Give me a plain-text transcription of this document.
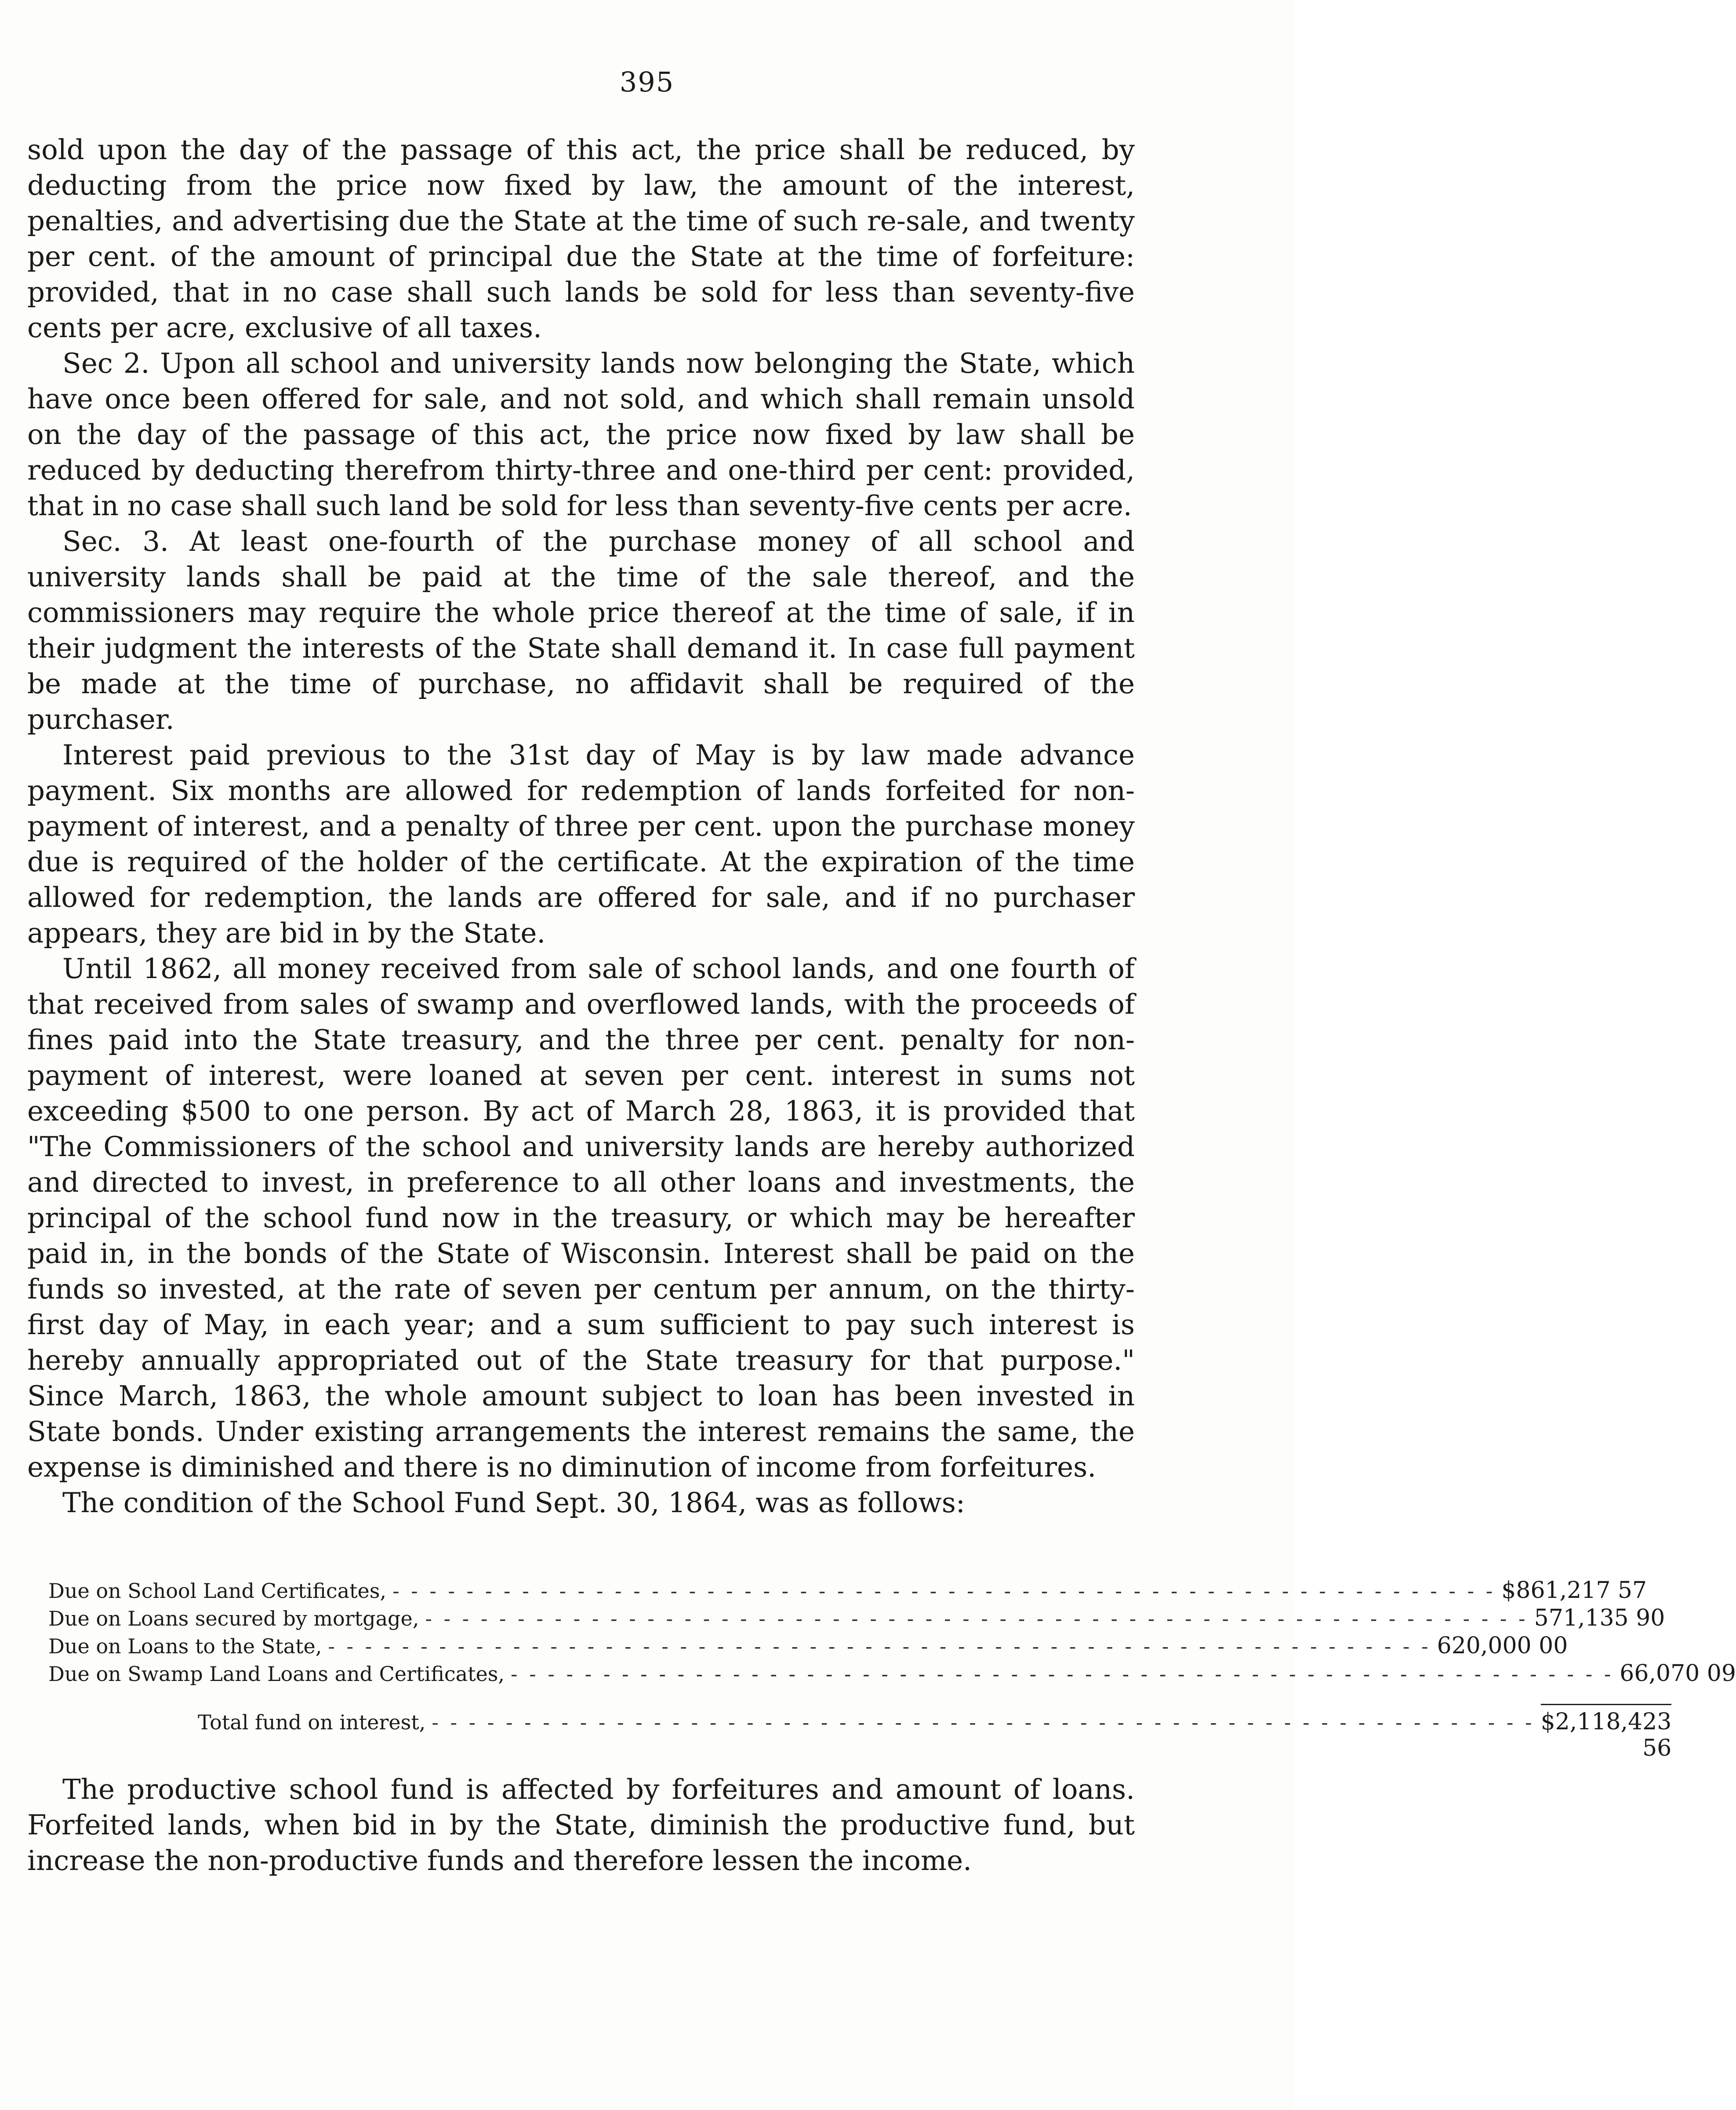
395

sold upon the day of the passage of this act, the price shall be reduced, by deducting from the price now fixed by law, the amount of the interest, penalties, and advertising due the State at the time of such re-sale, and twenty per cent. of the amount of principal due the State at the time of forfeiture: provided, that in no case shall such lands be sold for less than seventy-five cents per acre, exclusive of all taxes.

Sec 2. Upon all school and university lands now belonging the State, which have once been offered for sale, and not sold, and which shall remain unsold on the day of the passage of this act, the price now fixed by law shall be reduced by deducting therefrom thirty-three and one-third per cent: provided, that in no case shall such land be sold for less than seventy-five cents per acre.

Sec. 3. At least one-fourth of the purchase money of all school and university lands shall be paid at the time of the sale thereof, and the commissioners may require the whole price thereof at the time of sale, if in their judgment the interests of the State shall demand it. In case full payment be made at the time of purchase, no affidavit shall be required of the purchaser.

Interest paid previous to the 31st day of May is by law made advance payment. Six months are allowed for redemption of lands forfeited for non-payment of interest, and a penalty of three per cent. upon the purchase money due is required of the holder of the certificate. At the expiration of the time allowed for redemption, the lands are offered for sale, and if no purchaser appears, they are bid in by the State.

Until 1862, all money received from sale of school lands, and one fourth of that received from sales of swamp and overflowed lands, with the proceeds of fines paid into the State treasury, and the three per cent. penalty for non-payment of interest, were loaned at seven per cent. interest in sums not exceeding $500 to one person. By act of March 28, 1863, it is provided that "The Commissioners of the school and university lands are hereby authorized and directed to invest, in preference to all other loans and investments, the principal of the school fund now in the treasury, or which may be hereafter paid in, in the bonds of the State of Wisconsin. Interest shall be paid on the funds so invested, at the rate of seven per centum per annum, on the thirty-first day of May, in each year; and a sum sufficient to pay such interest is hereby annually appropriated out of the State treasury for that purpose." Since March, 1863, the whole amount subject to loan has been invested in State bonds. Under existing arrangements the interest remains the same, the expense is diminished and there is no diminution of income from forfeitures.

The condition of the School Fund Sept. 30, 1864, was as follows:

Due on School Land Certificates, - - - - - - - - - - - - - - - - - - - - - - - - - - - - - - - - - - - - - - - - - - - - - - - - - - - - - - - - - - - - $861,217 57
Due on Loans secured by mortgage, - - - - - - - - - - - - - - - - - - - - - - - - - - - - - - - - - - - - - - - - - - - - - - - - - - - - - - - - - - - - 571,135 90
Due on Loans to the State, - - - - - - - - - - - - - - - - - - - - - - - - - - - - - - - - - - - - - - - - - - - - - - - - - - - - - - - - - - - - 620,000 00
Due on Swamp Land Loans and Certificates, - - - - - - - - - - - - - - - - - - - - - - - - - - - - - - - - - - - - - - - - - - - - - - - - - - - - - - - - - - - - 66,070 09
Total fund on interest, - - - - - - - - - - - - - - - - - - - - - - - - - - - - - - - - - - - - - - - - - - - - - - - - - - - - - - - - - - - - $2,118,423 56

The productive school fund is affected by forfeitures and amount of loans. Forfeited lands, when bid in by the State, diminish the productive fund, but increase the non-productive funds and therefore lessen the income.
